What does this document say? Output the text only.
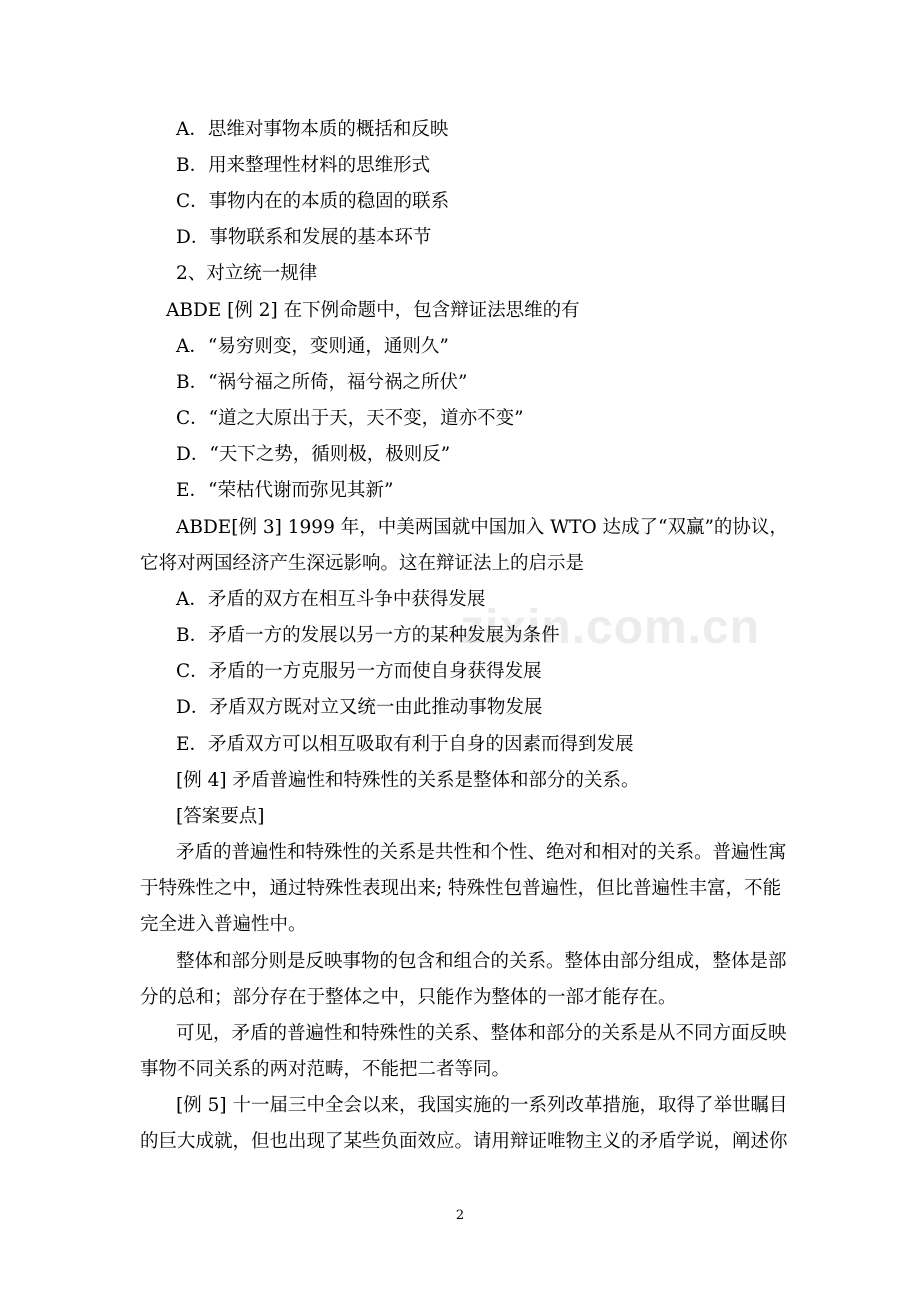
zixin.com.cn
A．思维对事物本质的概括和反映
B．用来整理性材料的思维形式
C．事物内在的本质的稳固的联系
D．事物联系和发展的基本环节
2、对立统一规律
ABDE [例 2] 在下例命题中，包含辩证法思维的有
A．“易穷则变，变则通，通则久”
B．“祸兮福之所倚，福兮祸之所伏”
C．“道之大原出于天，天不变，道亦不变”
D．“天下之势，循则极，极则反”
E．“荣枯代谢而弥见其新”
ABDE[例 3] 1999 年，中美两国就中国加入 WTO 达成了“双赢”的协议，
它将对两国经济产生深远影响。这在辩证法上的启示是
A．矛盾的双方在相互斗争中获得发展
B．矛盾一方的发展以另一方的某种发展为条件
C．矛盾的一方克服另一方而使自身获得发展
D．矛盾双方既对立又统一由此推动事物发展
E．矛盾双方可以相互吸取有利于自身的因素而得到发展
[例 4] 矛盾普遍性和特殊性的关系是整体和部分的关系。
[答案要点]
矛盾的普遍性和特殊性的关系是共性和个性、绝对和相对的关系。普遍性寓
于特殊性之中，通过特殊性表现出来; 特殊性包普遍性，但比普遍性丰富，不能
完全进入普遍性中。
整体和部分则是反映事物的包含和组合的关系。整体由部分组成，整体是部
分的总和；部分存在于整体之中，只能作为整体的一部才能存在。
可见，矛盾的普遍性和特殊性的关系、整体和部分的关系是从不同方面反映
事物不同关系的两对范畴，不能把二者等同。
[例 5] 十一届三中全会以来，我国实施的一系列改革措施，取得了举世瞩目
的巨大成就，但也出现了某些负面效应。请用辩证唯物主义的矛盾学说，阐述你
2
